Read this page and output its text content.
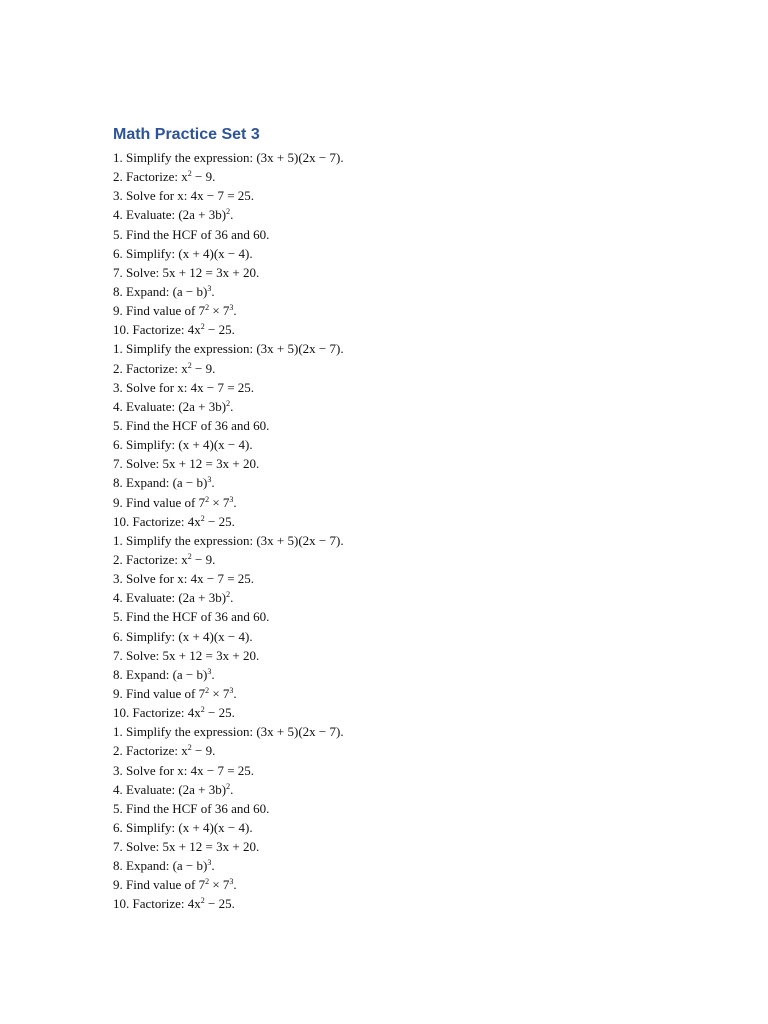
Math Practice Set 3
1. Simplify the expression: (3x + 5)(2x − 7).
2. Factorize: $x^2 - 9$.
3. Solve for x: 4x − 7 = 25.
4. Evaluate: $(2a + 3b)^2$.
5. Find the HCF of 36 and 60.
6. Simplify: (x + 4)(x − 4).
7. Solve: 5x + 12 = 3x + 20.
8. Expand: $(a - b)^3$.
9. Find value of $7^2 \times 7^3$.
10. Factorize: $4x^2 - 25$.
1. Simplify the expression: (3x + 5)(2x − 7).
2. Factorize: $x^2 - 9$.
3. Solve for x: 4x − 7 = 25.
4. Evaluate: $(2a + 3b)^2$.
5. Find the HCF of 36 and 60.
6. Simplify: (x + 4)(x − 4).
7. Solve: 5x + 12 = 3x + 20.
8. Expand: $(a - b)^3$.
9. Find value of $7^2 \times 7^3$.
10. Factorize: $4x^2 - 25$.
1. Simplify the expression: (3x + 5)(2x − 7).
2. Factorize: $x^2 - 9$.
3. Solve for x: 4x − 7 = 25.
4. Evaluate: $(2a + 3b)^2$.
5. Find the HCF of 36 and 60.
6. Simplify: (x + 4)(x − 4).
7. Solve: 5x + 12 = 3x + 20.
8. Expand: $(a - b)^3$.
9. Find value of $7^2 \times 7^3$.
10. Factorize: $4x^2 - 25$.
1. Simplify the expression: (3x + 5)(2x − 7).
2. Factorize: $x^2 - 9$.
3. Solve for x: 4x − 7 = 25.
4. Evaluate: $(2a + 3b)^2$.
5. Find the HCF of 36 and 60.
6. Simplify: (x + 4)(x − 4).
7. Solve: 5x + 12 = 3x + 20.
8. Expand: $(a - b)^3$.
9. Find value of $7^2 \times 7^3$.
10. Factorize: $4x^2 - 25$.
